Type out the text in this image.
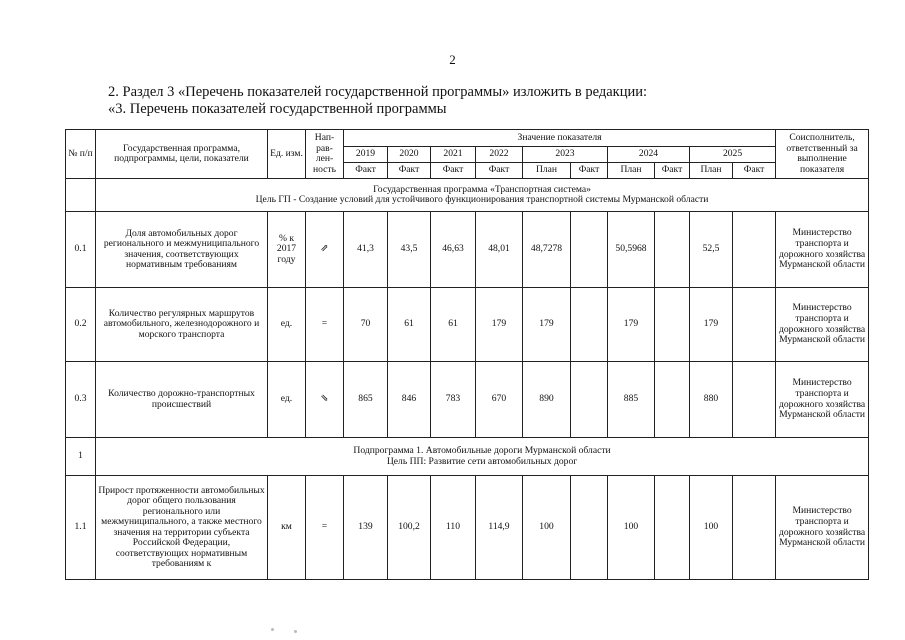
2
2. Раздел 3 «Перечень показателей государственной программы» изложить в редакции:
«3. Перечень показателей государственной программы
№ п/п	Государственная программа, подпрограммы, цели, показатели	Ед. изм.	Нап-рав-лен-ность	Значение показателя										Соисполнитель, ответственный за выполнение показателя
				2019	2020	2021	2022	2023		2024		2025		
				Факт	Факт	Факт	Факт	План	Факт	План	Факт	План	Факт	

	Государственная программа «Транспортная система»
Цель ГП - Создание условий для устойчивого функционирования транспортной системы Мурманской области													

0.1	Доля автомобильных дорог регионального и межмуниципального значения, соответствующих нормативным требованиям	% к 2017 году	⇗	41,3	43,5	46,63	48,01	48,7278		50,5968		52,5		Министерство транспорта и дорожного хозяйства Мурманской области
0.2	Количество регулярных маршрутов автомобильного, железнодорожного и морского транспорта	ед.	=	70	61	61	179	179		179		179		Министерство транспорта и дорожного хозяйства Мурманской области
0.3	Количество дорожно-транспортных происшествий	ед.	⇘	865	846	783	670	890		885		880		Министерство транспорта и дорожного хозяйства Мурманской области
1	Подпрограмма 1. Автомобильные дороги Мурманской области
Цель ПП: Развитие сети автомобильных дорог													

1.1	Прирост протяженности автомобильных дорог общего пользования регионального или межмуниципального, а также местного значения на территории субъекта Российской Федерации, соответствующих нормативным требованиям к	км	=	139	100,2	110	114,9	100		100		100		Министерство транспорта и дорожного хозяйства Мурманской области
